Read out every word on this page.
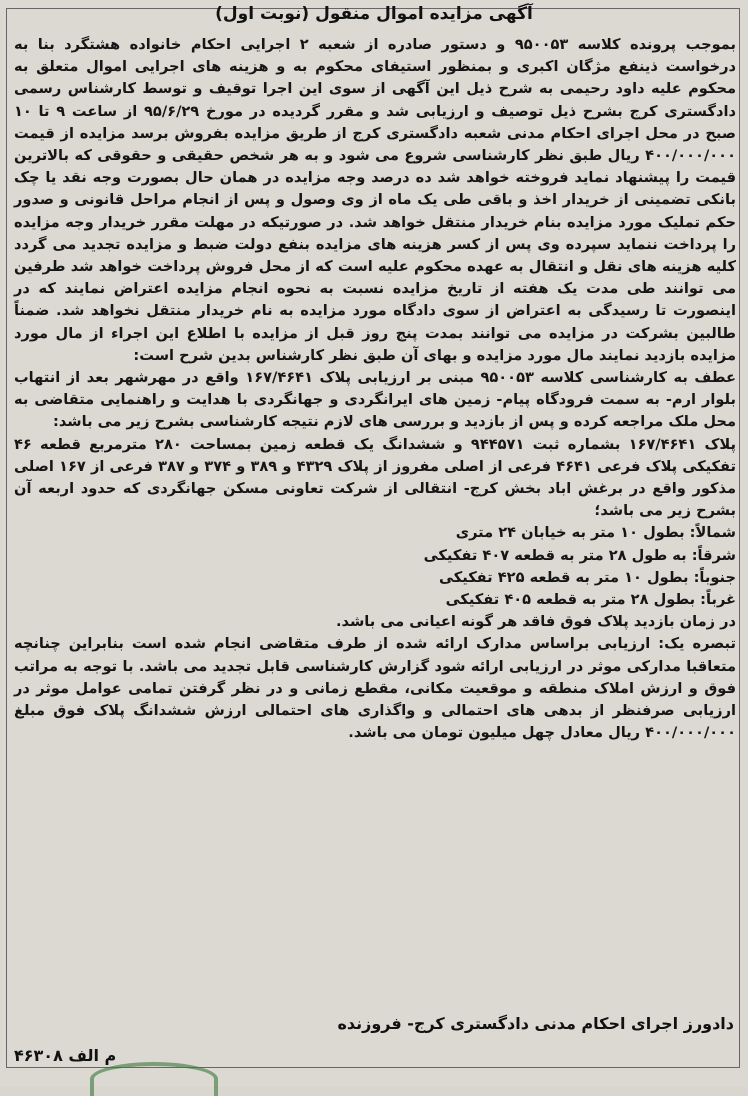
آگهی مزایده اموال منقول (نوبت اول)

بموجب پرونده کلاسه ۹۵۰۰۵۳ و دستور صادره از شعبه ۲ اجرایی احکام خانواده هشتگرد بنا به درخواست ذینفع مژگان اکبری و بمنظور استیفای محکوم به و هزینه های اجرایی اموال متعلق به محکوم علیه داود رحیمی به شرح ذیل این آگهی از سوی این اجرا توقیف و توسط کارشناس رسمی دادگستری کرج بشرح ذیل توصیف و ارزیابی شد و مقرر گردیده در مورخ ۹۵/۶/۲۹ از ساعت ۹ تا ۱۰ صبح در محل اجرای احکام مدنی شعبه دادگستری کرج از طریق مزایده بفروش برسد مزایده از قیمت ۴۰۰/۰۰۰/۰۰۰ ریال طبق نظر کارشناسی شروع می شود و به هر شخص حقیقی و حقوقی که بالاترین قیمت را پیشنهاد نماید فروخته خواهد شد ده درصد وجه مزایده در همان حال بصورت وجه نقد یا چک بانکی تضمینی از خریدار اخذ و باقی طی یک ماه از وی وصول و پس از انجام مراحل قانونی و صدور حکم تملیک مورد مزایده بنام خریدار منتقل خواهد شد. در صورتیکه در مهلت مقرر خریدار وجه مزایده را پرداخت ننماید سپرده وی پس از کسر هزینه های مزایده بنفع دولت ضبط و مزایده تجدید می گردد کلیه هزینه های نقل و انتقال به عهده محکوم علیه است که از محل فروش پرداخت خواهد شد طرفین می توانند طی مدت یک هفته از تاریخ مزایده نسبت به نحوه انجام مزایده اعتراض نمایند که در اینصورت تا رسیدگی به اعتراض از سوی دادگاه مورد مزایده به نام خریدار منتقل نخواهد شد. ضمناً طالبین بشرکت در مزایده می توانند بمدت پنج روز قبل از مزایده با اطلاع این اجراء از مال مورد مزایده بازدید نمایند مال مورد مزایده و بهای آن طبق نظر کارشناس بدین شرح است:

عطف به کارشناسی کلاسه ۹۵۰۰۵۳ مبنی بر ارزیابی پلاک ۱۶۷/۴۶۴۱ واقع در مهرشهر بعد از انتهاب بلوار ارم- به سمت فرودگاه پیام- زمین های ایرانگردی و جهانگردی با هدایت و راهنمایی متقاضی به محل ملک مراجعه کرده و پس از بازدید و بررسی های لازم نتیجه کارشناسی بشرح زیر می باشد:

پلاک ۱۶۷/۴۶۴۱ بشماره ثبت ۹۴۴۵۷۱ و ششدانگ یک قطعه زمین بمساحت ۲۸۰ مترمربع قطعه ۴۶ تفکیکی پلاک فرعی ۴۶۴۱ فرعی از اصلی مفروز از پلاک ۴۳۲۹ و ۳۸۹ و ۳۷۴ و ۳۸۷ فرعی از ۱۶۷ اصلی مذکور واقع در برغش اباد بخش کرج- انتقالی از شرکت تعاونی مسکن جهانگردی که حدود اربعه آن بشرح زیر می باشد؛

شمالاً: بطول ۱۰ متر به خیابان ۲۴ متری

شرقاً: به طول ۲۸ متر به قطعه ۴۰۷ تفکیکی

جنوباً: بطول ۱۰ متر به قطعه ۴۲۵ تفکیکی

غرباً: بطول ۲۸ متر به قطعه ۴۰۵ تفکیکی

در زمان بازدید پلاک فوق فاقد هر گونه اعیانی می باشد.

تبصره یک: ارزیابی براساس مدارک ارائه شده از طرف متقاضی انجام شده است بنابراین چنانچه متعاقبا مدارکی موثر در ارزیابی ارائه شود گزارش کارشناسی قابل تجدید می باشد. با توجه به مراتب فوق و ارزش املاک منطقه و موقعیت مکانی، مقطع زمانی و در نظر گرفتن تمامی عوامل موثر در ارزیابی صرفنظر از بدهی های احتمالی و واگذاری های احتمالی ارزش ششدانگ پلاک فوق مبلغ ۴۰۰/۰۰۰/۰۰۰ ریال معادل چهل میلیون تومان می باشد.

دادورز اجرای احکام مدنی دادگستری کرج- فروزنده
م الف ۴۶۳۰۸
